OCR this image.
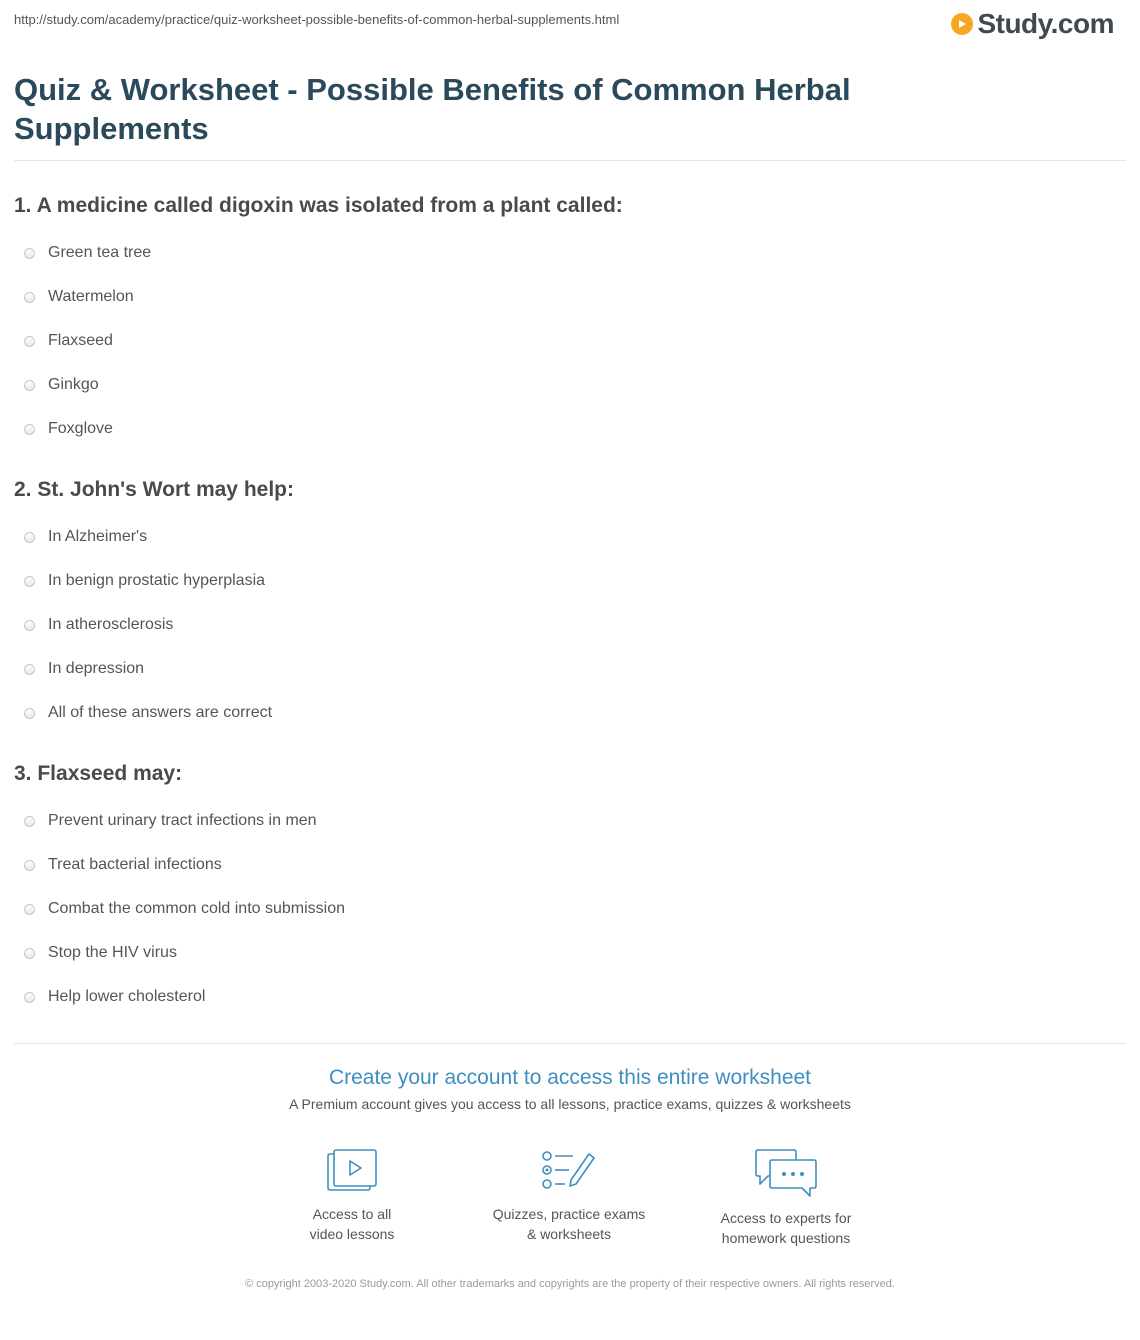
http://study.com/academy/practice/quiz-worksheet-possible-benefits-of-common-herbal-supplements.html	Study.com
Quiz & Worksheet - Possible Benefits of Common Herbal Supplements
1. A medicine called digoxin was isolated from a plant called:
Green tea tree
Watermelon
Flaxseed
Ginkgo
Foxglove
2. St. John's Wort may help:
In Alzheimer's
In benign prostatic hyperplasia
In atherosclerosis
In depression
All of these answers are correct
3. Flaxseed may:
Prevent urinary tract infections in men
Treat bacterial infections
Combat the common cold into submission
Stop the HIV virus
Help lower cholesterol
Create your account to access this entire worksheet
A Premium account gives you access to all lessons, practice exams, quizzes & worksheets
Access to all
video lessons
Quizzes, practice exams
& worksheets
Access to experts for
homework questions
© copyright 2003-2020 Study.com. All other trademarks and copyrights are the property of their respective owners. All rights reserved.
